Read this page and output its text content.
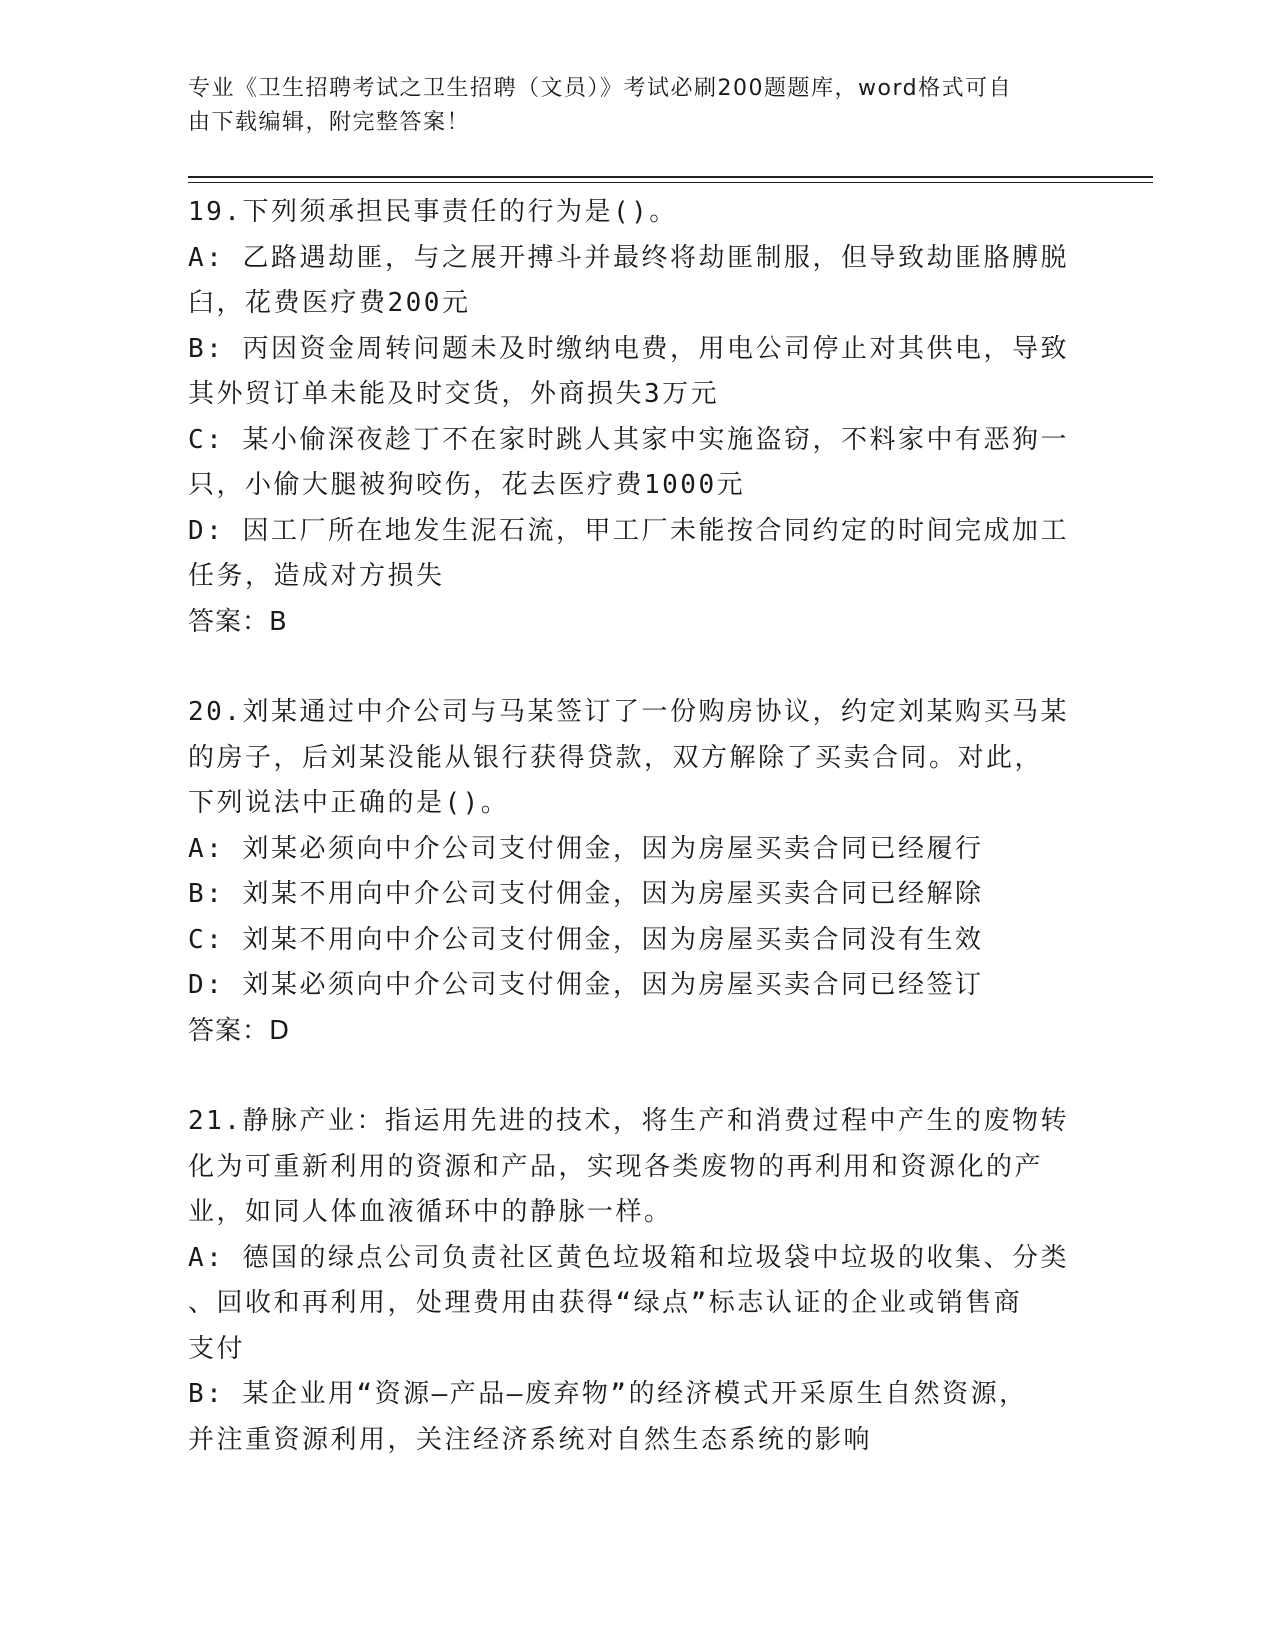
专业《卫生招聘考试之卫生招聘（文员）》考试必刷200题题库，word格式可自
由下载编辑，附完整答案！

19.下列须承担民事责任的行为是()。

A: 乙路遇劫匪，与之展开搏斗并最终将劫匪制服，但导致劫匪胳膊脱

臼，花费医疗费200元

B: 丙因资金周转问题未及时缴纳电费，用电公司停止对其供电，导致

其外贸订单未能及时交货，外商损失3万元

C: 某小偷深夜趁丁不在家时跳人其家中实施盗窃，不料家中有恶狗一

只，小偷大腿被狗咬伤，花去医疗费1000元

D: 因工厂所在地发生泥石流，甲工厂未能按合同约定的时间完成加工

任务，造成对方损失

答案：B

20.刘某通过中介公司与马某签订了一份购房协议，约定刘某购买马某

的房子，后刘某没能从银行获得贷款，双方解除了买卖合同。对此，

下列说法中正确的是()。

A: 刘某必须向中介公司支付佣金，因为房屋买卖合同已经履行

B: 刘某不用向中介公司支付佣金，因为房屋买卖合同已经解除

C: 刘某不用向中介公司支付佣金，因为房屋买卖合同没有生效

D: 刘某必须向中介公司支付佣金，因为房屋买卖合同已经签订

答案：D

21.静脉产业：指运用先进的技术，将生产和消费过程中产生的废物转

化为可重新利用的资源和产品，实现各类废物的再利用和资源化的产

业，如同人体血液循环中的静脉一样。

A: 德国的绿点公司负责社区黄色垃圾箱和垃圾袋中垃圾的收集、分类

、回收和再利用，处理费用由获得“绿点”标志认证的企业或销售商

支付

B: 某企业用“资源—产品—废弃物”的经济模式开采原生自然资源，

并注重资源利用，关注经济系统对自然生态系统的影响
